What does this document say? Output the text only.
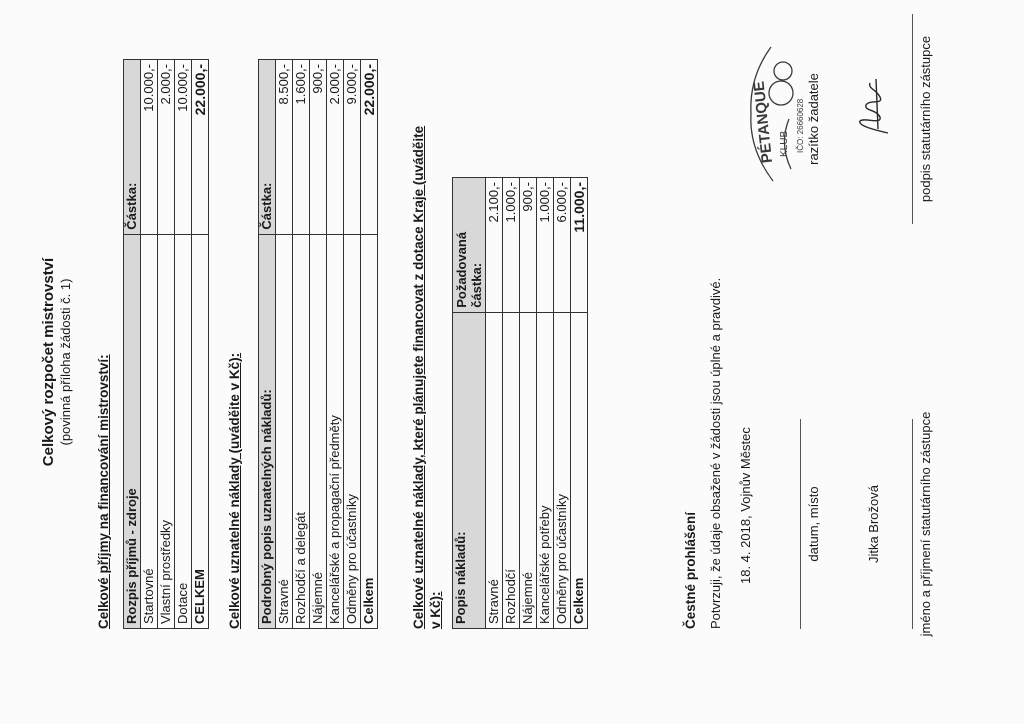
Celkový rozpočet mistrovství (povinná příloha žádosti č. 1) Celkové příjmy na financování mistrovství: Rozpis příjmů - zdroje	Částka:
Startovné	10.000,-
Vlastní prostředky	2.000,-
Dotace	10.000,-
CELKEM	22.000,-
Celkové uznatelné náklady (uváděite v Kč): Podrobný popis uznatelných nákladů:	Částka:
Stravné	8.500,-
Rozhodčí a delegát	1.600,-
Nájemné	900,-
Kancelářské a propagační předměty	2.000,-
Odměny pro účastníky	9.000,-
Celkem	22.000,-
Celkové uznatelné náklady, které plánujete financovat z dotace Kraje (uváděite v Kč): Popis nákladů:	Požadovaná částka:

Stravné	2.100,-
Rozhodčí	1.000,-
Nájemné	900,-
Kancelářské potřeby	1.000,-
Odměny pro účastníky	6.000,-
Celkem	11.000,-
Čestné prohlášení Potvrzuji, že údaje obsažené v žádosti jsou úplné a pravdivé. 18. 4. 2018, Vojnův Městec	datum, místo
razítko žadatele
PÉTANQUE KLUB IČO: 26660628
Jitka Brožová	jméno a příjmení statutárního zástupce
podpis statutárního zástupce
